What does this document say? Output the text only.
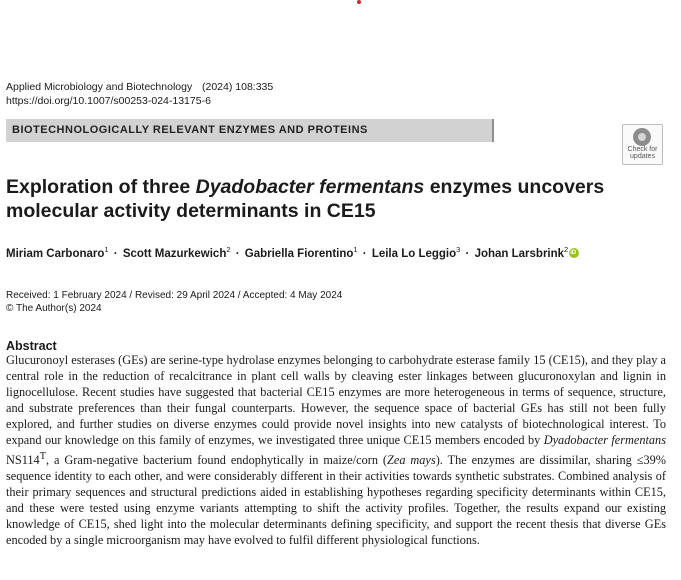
Applied Microbiology and Biotechnology (2024) 108:335
https://doi.org/10.1007/s00253-024-13175-6
BIOTECHNOLOGICALLY RELEVANT ENZYMES AND PROTEINS
Check for
updates
Exploration of three Dyadobacter fermentans enzymes uncovers
molecular activity determinants in CE15
Miriam Carbonaro$^1$ · Scott Mazurkewich$^2$ · Gabriella Fiorentino$^1$ · Leila Lo Leggio$^3$ · Johan Larsbrink$^2$iD
Received: 1 February 2024 / Revised: 29 April 2024 / Accepted: 4 May 2024
© The Author(s) 2024
Abstract
Glucuronoyl esterases (GEs) are serine-type hydrolase enzymes belonging to carbohydrate esterase family 15 (CE15), and they play a central role in the reduction of recalcitrance in plant cell walls by cleaving ester linkages between glucuronoxylan and lignin in lignocellulose. Recent studies have suggested that bacterial CE15 enzymes are more heterogeneous in terms of sequence, structure, and substrate preferences than their fungal counterparts. However, the sequence space of bacterial GEs has still not been fully explored, and further studies on diverse enzymes could provide novel insights into new catalysts of biotechnological interest. To expand our knowledge on this family of enzymes, we investigated three unique CE15 members encoded by Dyadobacter fermentans $NS114^T$, a Gram-negative bacterium found endophytically in maize/corn (Zea mays). The enzymes are dissimilar, sharing ≤39% sequence identity to each other, and were considerably different in their activities towards synthetic substrates. Combined analysis of their primary sequences and structural predictions aided in establishing hypotheses regarding specificity determinants within CE15, and these were tested using enzyme variants attempting to shift the activity profiles. Together, the results expand our existing knowledge of CE15, shed light into the molecular determinants defining specificity, and support the recent thesis that diverse GEs encoded by a single microorganism may have evolved to fulfil different physiological functions.
